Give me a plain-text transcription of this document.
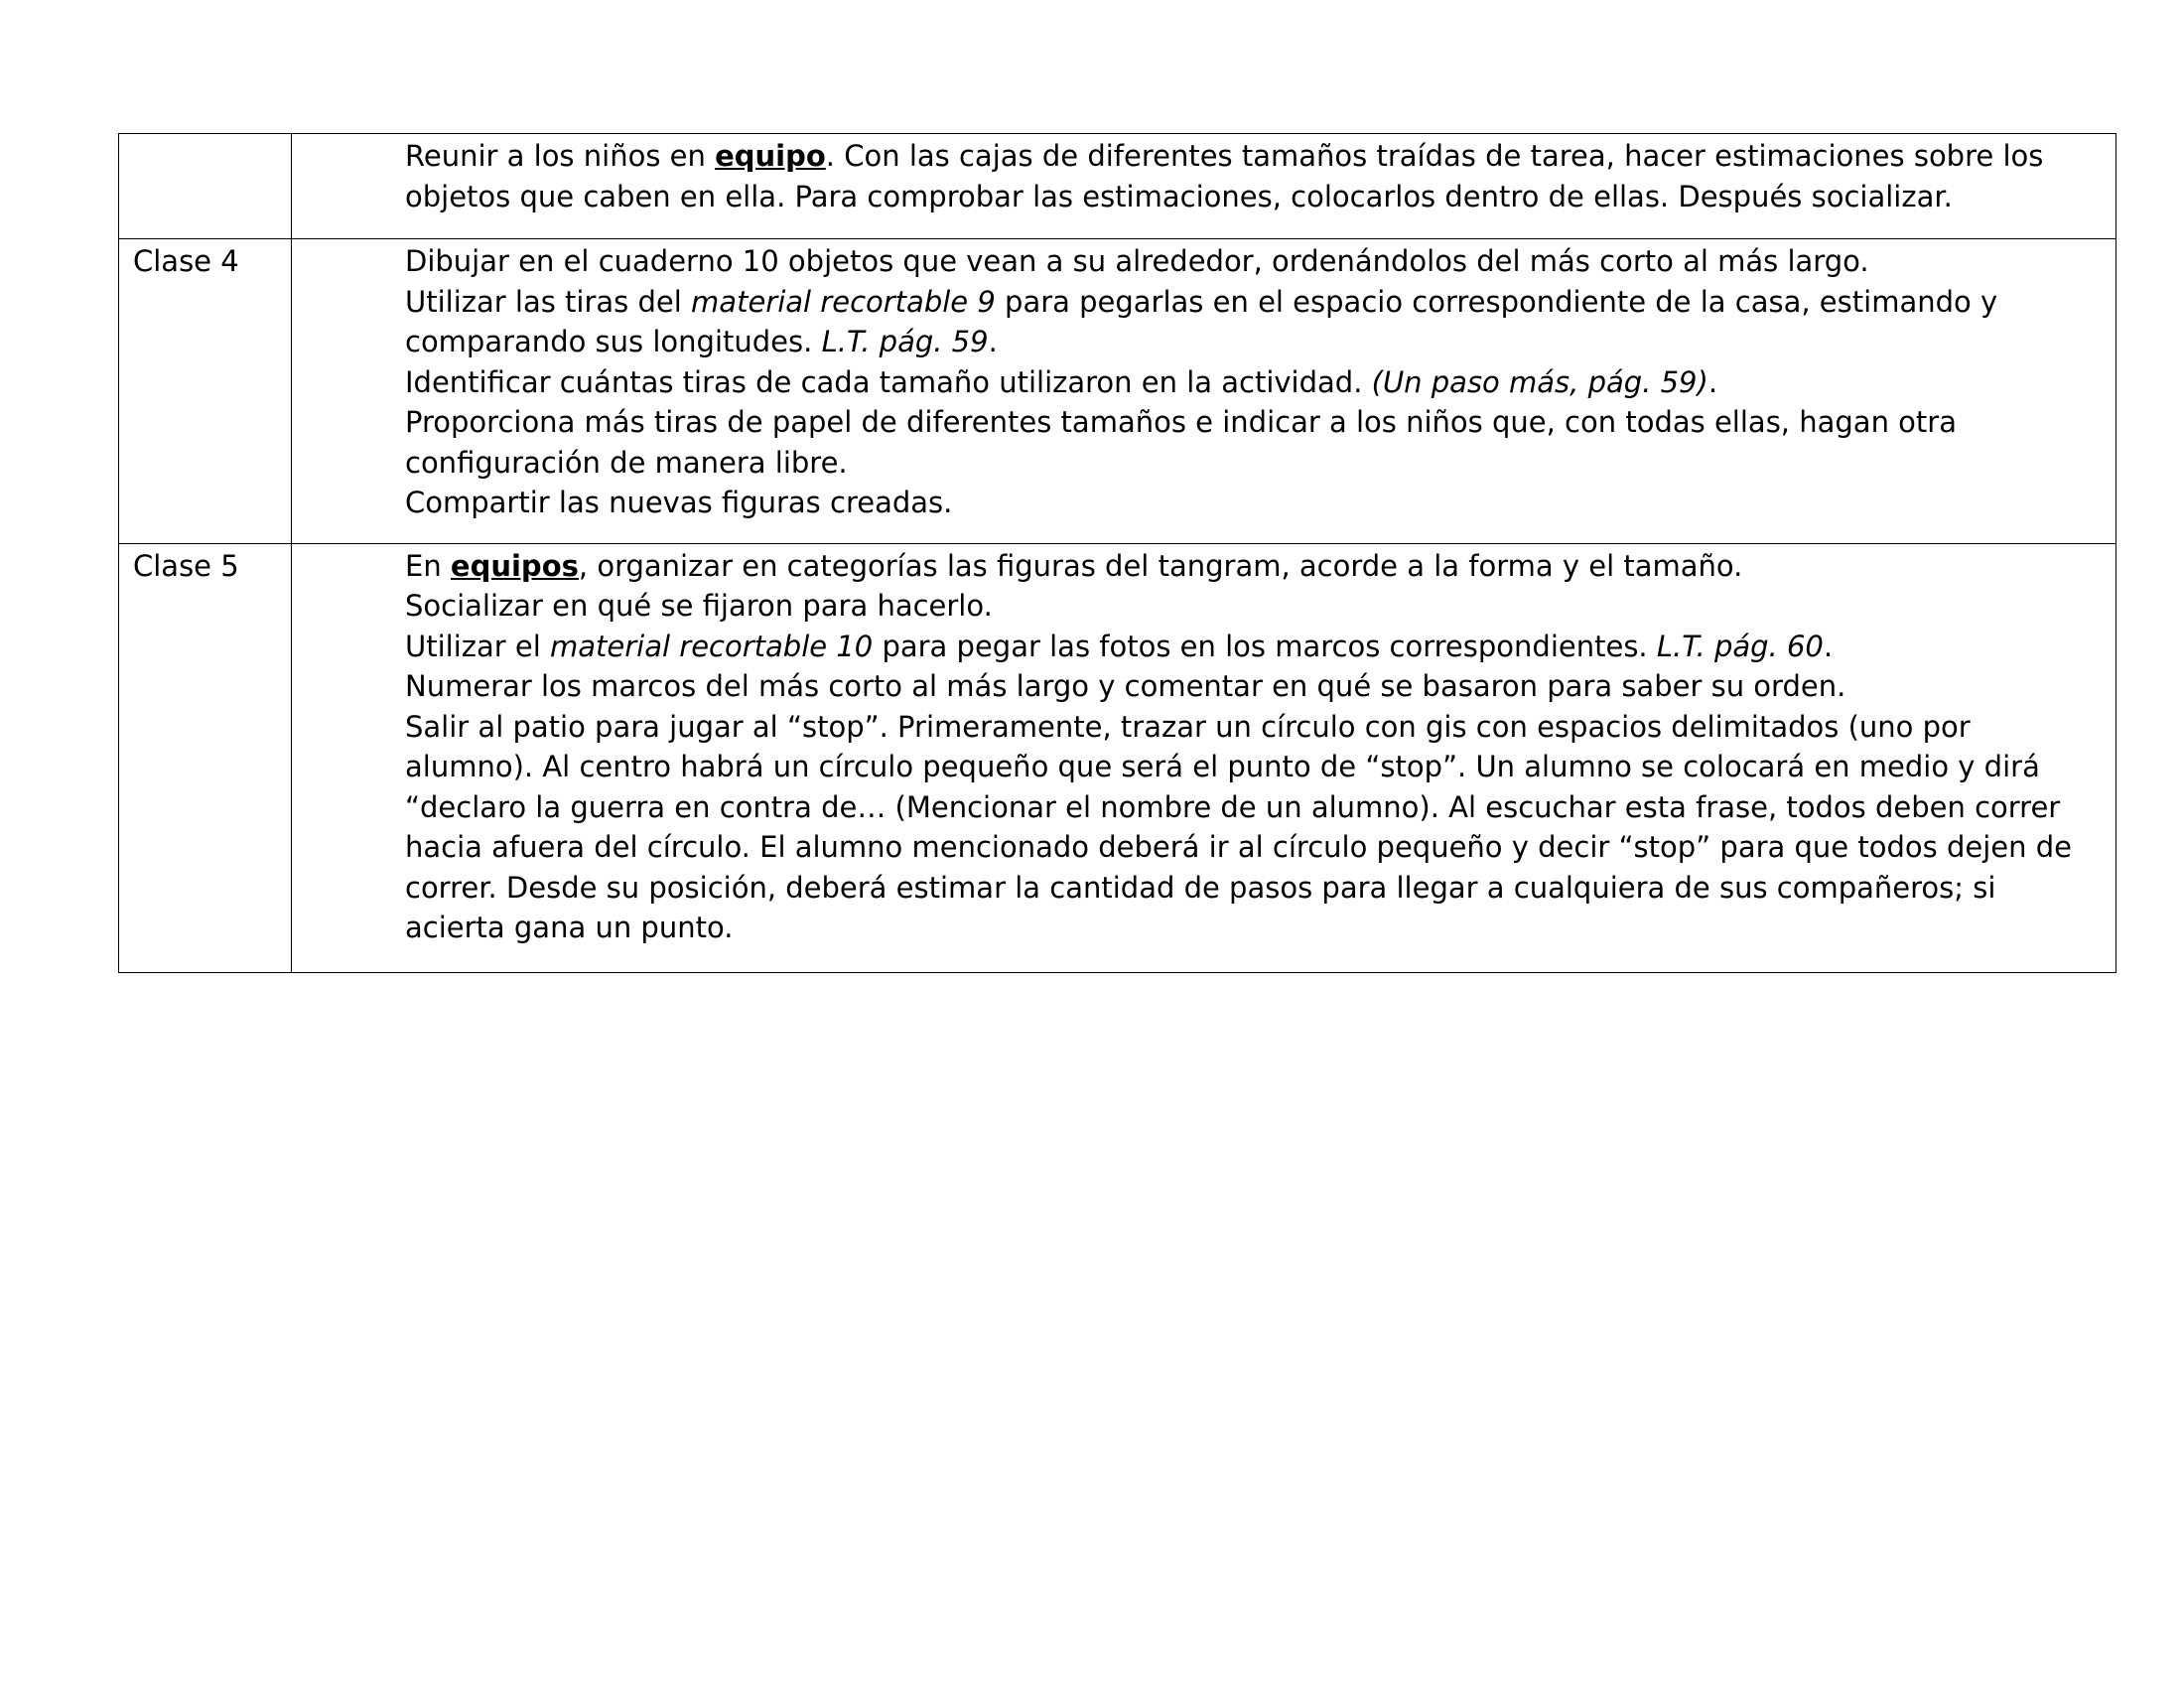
	Reunir a los niños en equipo. Con las cajas de diferentes tamaños traídas de tarea, hacer estimaciones sobre los objetos que caben en ella. Para comprobar las estimaciones, colocarlos dentro de ellas. Después socializar.

Clase 4	Dibujar en el cuaderno 10 objetos que vean a su alrededor, ordenándolos del más corto al más largo.
Utilizar las tiras del material recortable 9 para pegarlas en el espacio correspondiente de la casa, estimando y comparando sus longitudes. L.T. pág. 59.
Identificar cuántas tiras de cada tamaño utilizaron en la actividad. (Un paso más, pág. 59).
Proporciona más tiras de papel de diferentes tamaños e indicar a los niños que, con todas ellas, hagan otra configuración de manera libre.
Compartir las nuevas figuras creadas.

Clase 5	En equipos, organizar en categorías las figuras del tangram, acorde a la forma y el tamaño.
Socializar en qué se fijaron para hacerlo.
Utilizar el material recortable 10 para pegar las fotos en los marcos correspondientes. L.T. pág. 60.
Numerar los marcos del más corto al más largo y comentar en qué se basaron para saber su orden.
Salir al patio para jugar al “stop”. Primeramente, trazar un círculo con gis con espacios delimitados (uno por alumno). Al centro habrá un círculo pequeño que será el punto de “stop”. Un alumno se colocará en medio y dirá “declaro la guerra en contra de… (Mencionar el nombre de un alumno). Al escuchar esta frase, todos deben correr hacia afuera del círculo. El alumno mencionado deberá ir al círculo pequeño y decir “stop” para que todos dejen de correr. Desde su posición, deberá estimar la cantidad de pasos para llegar a cualquiera de sus compañeros; si acierta gana un punto.
